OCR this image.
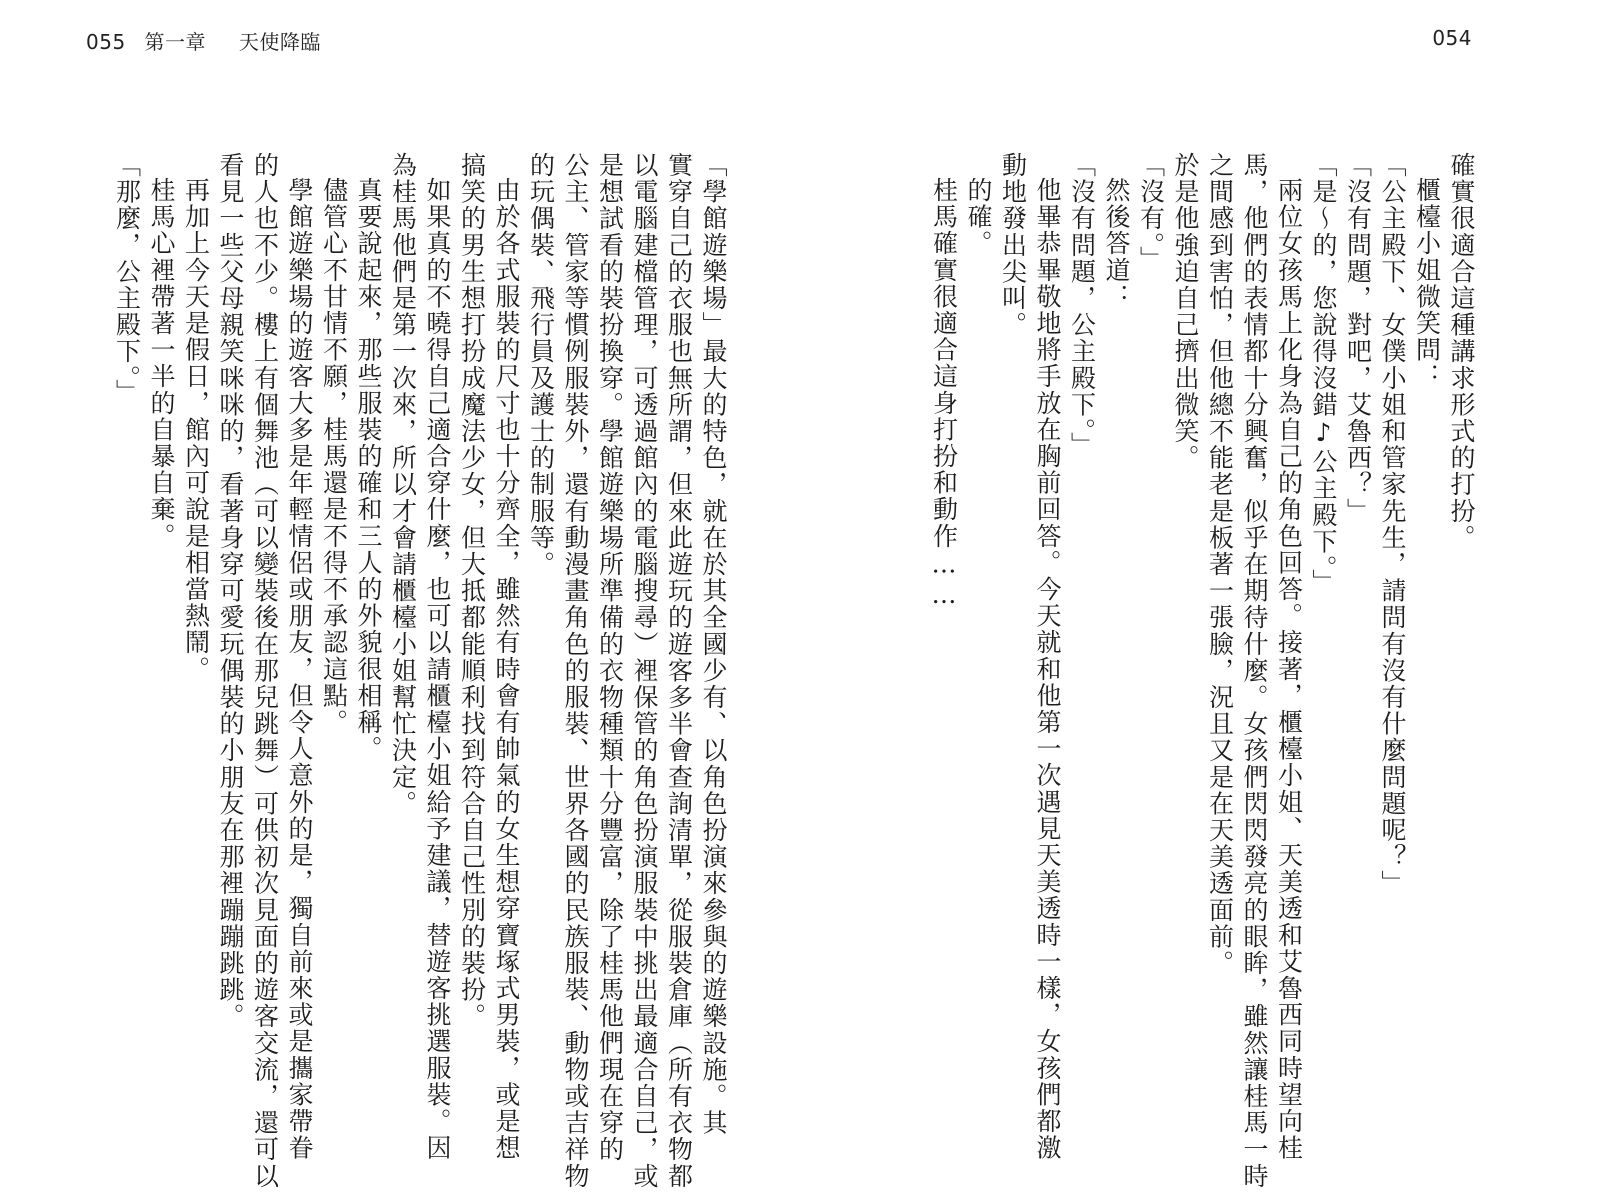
055 第一章 天使降臨	054
「學館遊樂場」最大的特色，就在於其全國少有、以角色扮演來參與的遊樂設施。其
實穿自己的衣服也無所謂，但來此遊玩的遊客多半會查詢清單，從服裝倉庫（所有衣物都
以電腦建檔管理，可透過館內的電腦搜尋）裡保管的角色扮演服裝中挑出最適合自己，或
是想試看的裝扮換穿。學館遊樂場所準備的衣物種類十分豐富，除了桂馬他們現在穿的
公主、管家等慣例服裝外，還有動漫畫角色的服裝、世界各國的民族服裝、動物或吉祥物
的玩偶裝、飛行員及護士的制服等。
由於各式服裝的尺寸也十分齊全，雖然有時會有帥氣的女生想穿寶塚式男裝，或是想
搞笑的男生想打扮成魔法少女，但大抵都能順利找到符合自己性別的裝扮。
如果真的不曉得自己適合穿什麼，也可以請櫃檯小姐給予建議，替遊客挑選服裝。因
為桂馬他們是第一次來，所以才會請櫃檯小姐幫忙決定。
真要說起來，那些服裝的確和三人的外貌很相稱。
儘管心不甘情不願，桂馬還是不得不承認這點。
學館遊樂場的遊客大多是年輕情侶或朋友，但令人意外的是，獨自前來或是攜家帶眷
的人也不少。樓上有個舞池（可以變裝後在那兒跳舞）可供初次見面的遊客交流，還可以
看見一些父母親笑咪咪的，看著身穿可愛玩偶裝的小朋友在那裡蹦蹦跳跳。
再加上今天是假日，館內可說是相當熱鬧。
桂馬心裡帶著一半的自暴自棄。
「那麼，公主殿下。」	確實很適合這種講求形式的打扮。
櫃檯小姐微笑問：
「公主殿下、女僕小姐和管家先生，請問有沒有什麼問題呢？」
「沒有問題，對吧，艾魯西？」
「是～的，您說得沒錯♪公主殿下。」
兩位女孩馬上化身為自己的角色回答。接著，櫃檯小姐、天美透和艾魯西同時望向桂
馬，他們的表情都十分興奮，似乎在期待什麼。女孩們閃閃發亮的眼眸，雖然讓桂馬一時
之間感到害怕，但他總不能老是板著一張臉，況且又是在天美透面前。
於是他強迫自己擠出微笑。
「沒有。」
然後答道：
「沒有問題，公主殿下。」
他畢恭畢敬地將手放在胸前回答。今天就和他第一次遇見天美透時一樣，女孩們都激
動地發出尖叫。
的確。
桂馬確實很適合這身打扮和動作……
